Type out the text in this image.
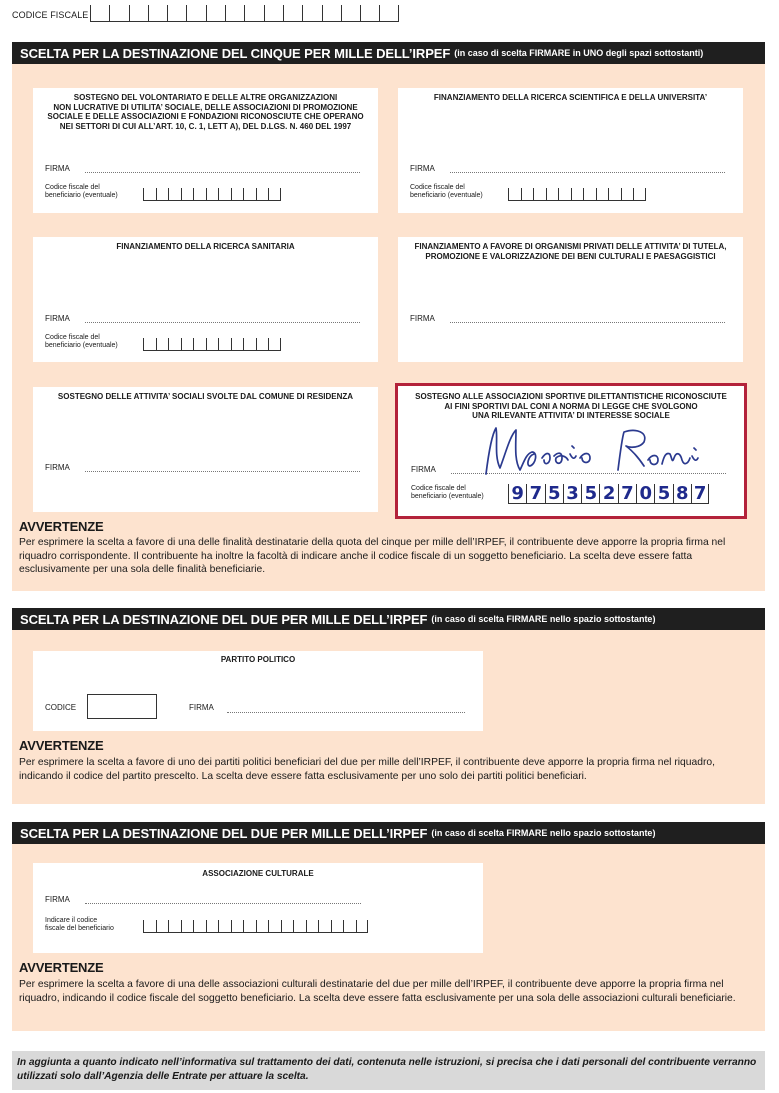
CODICE FISCALE
SCELTA PER LA DESTINAZIONE DEL CINQUE PER MILLE DELL’IRPEF (in caso di scelta FIRMARE in UNO degli spazi sottostanti)
SOSTEGNO DEL VOLONTARIATO E DELLE ALTRE ORGANIZZAZIONI
NON LUCRATIVE DI UTILITA’ SOCIALE, DELLE ASSOCIAZIONI DI PROMOZIONE
SOCIALE E DELLE ASSOCIAZIONI E FONDAZIONI RICONOSCIUTE CHE OPERANO
NEI SETTORI DI CUI ALL’ART. 10, C. 1, LETT A), DEL D.LGS. N. 460 DEL 1997
FIRMA
Codice fiscale del
beneficiario (eventuale)
FINANZIAMENTO DELLA RICERCA SCIENTIFICA E DELLA UNIVERSITA’
FIRMA
Codice fiscale del
beneficiario (eventuale)
FINANZIAMENTO DELLA RICERCA SANITARIA
FIRMA
Codice fiscale del
beneficiario (eventuale)
FINANZIAMENTO A FAVORE DI ORGANISMI PRIVATI DELLE ATTIVITA’ DI TUTELA,
PROMOZIONE E VALORIZZAZIONE DEI BENI CULTURALI E PAESAGGISTICI
FIRMA
SOSTEGNO DELLE ATTIVITA’ SOCIALI SVOLTE DAL COMUNE DI RESIDENZA
FIRMA
SOSTEGNO ALLE ASSOCIAZIONI SPORTIVE DILETTANTISTICHE RICONOSCIUTE
AI FINI SPORTIVI DAL CONI A NORMA DI LEGGE CHE SVOLGONO
UNA RILEVANTE ATTIVITA’ DI INTERESSE SOCIALE
FIRMA
Mario Rossi
Codice fiscale del
beneficiario (eventuale) 9 7 5 3 5 2 7 0 5 8 7
AVVERTENZE
Per esprimere la scelta a favore di una delle finalità destinatarie della quota del cinque per mille dell’IRPEF, il contribuente deve apporre la propria firma nel riquadro corrispondente. Il contribuente ha inoltre la facoltà di indicare anche il codice fiscale di un soggetto beneficiario. La scelta deve essere fatta esclusivamente per una sola delle finalità beneficiarie.
SCELTA PER LA DESTINAZIONE DEL DUE PER MILLE DELL’IRPEF (in caso di scelta FIRMARE nello spazio sottostante)
PARTITO POLITICO
CODICE	FIRMA
AVVERTENZE
Per esprimere la scelta a favore di uno dei partiti politici beneficiari del due per mille dell’IRPEF, il contribuente deve apporre la propria firma nel riquadro, indicando il codice del partito prescelto. La scelta deve essere fatta esclusivamente per uno solo dei partiti politici beneficiari.
SCELTA PER LA DESTINAZIONE DEL DUE PER MILLE DELL’IRPEF (in caso di scelta FIRMARE nello spazio sottostante)
ASSOCIAZIONE CULTURALE
FIRMA
Indicare il codice
fiscale del beneficiario
AVVERTENZE
Per esprimere la scelta a favore di una delle associazioni culturali destinatarie del due per mille dell’IRPEF, il contribuente deve apporre la propria firma nel riquadro, indicando il codice fiscale del soggetto beneficiario. La scelta deve essere fatta esclusivamente per una sola delle associazioni culturali beneficiarie.
In aggiunta a quanto indicato nell’informativa sul trattamento dei dati, contenuta nelle istruzioni, si precisa che i dati personali del contribuente verranno utilizzati solo dall’Agenzia delle Entrate per attuare la scelta.
